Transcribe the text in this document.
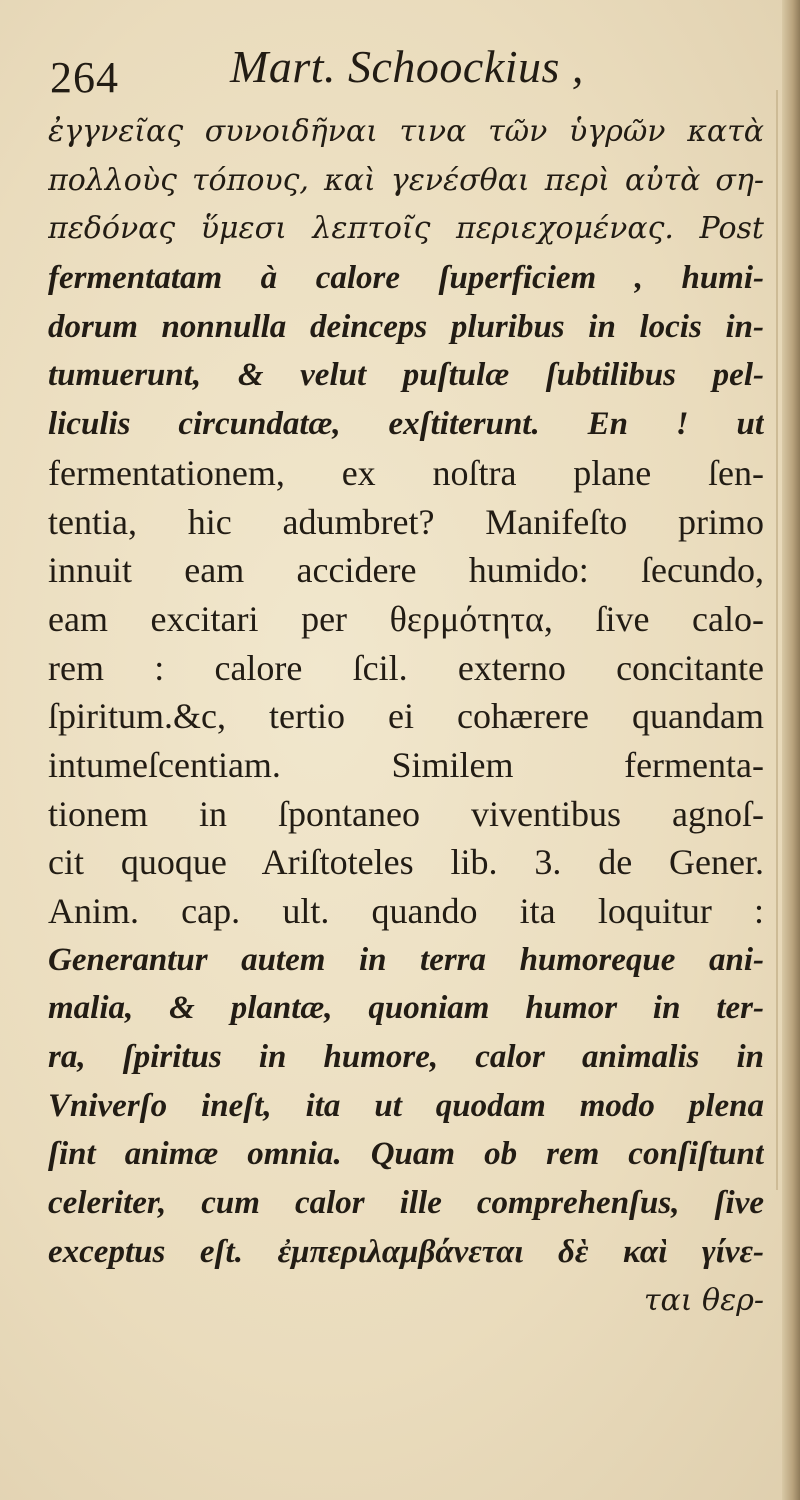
264 Mart. Schoockius ,
ἐγγνεῖας συνοιδῆναι τινα τῶν ὑγρῶν κατὰ
πολλοὺς τόπους, καὶ γενέσθαι περὶ αὐτὰ ση-
πεδόνας ὕμεσι λεπτοῖς περιεχομένας. Post
fermentatam à calore ſuperficiem , humi-
dorum nonnulla deinceps pluribus in locis in-
tumuerunt, & velut puſtulæ ſubtilibus pel-
liculis circundatæ, exſtiterunt. En ! ut
fermentationem, ex noſtra plane ſen-
tentia, hic adumbret? Manifeſto primo
innuit eam accidere humido: ſecundo,
eam excitari per θερμότητα, ſive calo-
rem : calore ſcil. externo concitante
ſpiritum.&c, tertio ei cohærere quandam
intumeſcentiam. Similem fermenta-
tionem in ſpontaneo viventibus agnoſ-
cit quoque Ariſtoteles lib. 3. de Gener.
Anim. cap. ult. quando ita loquitur :
Generantur autem in terra humoreque ani-
malia, & plantæ, quoniam humor in ter-
ra, ſpiritus in humore, calor animalis in
Vniverſo ineſt, ita ut quodam modo plena
ſint animæ omnia. Quam ob rem conſiſtunt
celeriter, cum calor ille comprehenſus, ſive
exceptus eſt. ἐμπεριλαμβάνεται δὲ καὶ γίνε-
ται θερ-
